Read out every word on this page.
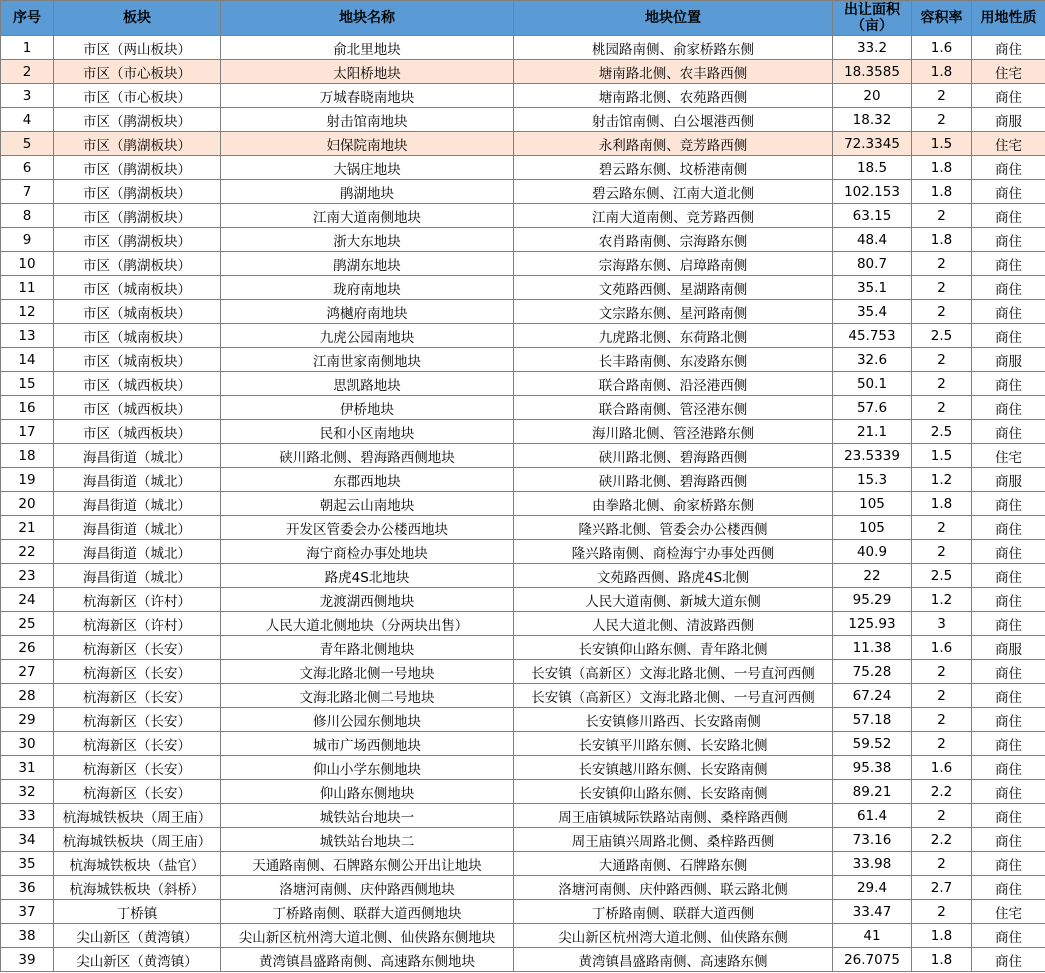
序号	板块	地块名称	地块位置	出让面积（亩）	容积率	用地性质
1	市区（两山板块）	俞北里地块	桃园路南侧、俞家桥路东侧	33.2	1.6	商住
2	市区（市心板块）	太阳桥地块	塘南路北侧、农丰路西侧	18.3585	1.8	住宅
3	市区（市心板块）	万城春晓南地块	塘南路北侧、农苑路西侧	20	2	商住
4	市区（鹃湖板块）	射击馆南地块	射击馆南侧、白公堰港西侧	18.32	2	商服
5	市区（鹃湖板块）	妇保院南地块	永利路南侧、竞芳路西侧	72.3345	1.5	住宅
6	市区（鹃湖板块）	大锅庄地块	碧云路东侧、坟桥港南侧	18.5	1.8	商住
7	市区（鹃湖板块）	鹃湖地块	碧云路东侧、江南大道北侧	102.153	1.8	商住
8	市区（鹃湖板块）	江南大道南侧地块	江南大道南侧、竞芳路西侧	63.15	2	商住
9	市区（鹃湖板块）	浙大东地块	农肖路南侧、宗海路东侧	48.4	1.8	商住
10	市区（鹃湖板块）	鹃湖东地块	宗海路东侧、启璋路南侧	80.7	2	商住
11	市区（城南板块）	珑府南地块	文苑路西侧、星湖路南侧	35.1	2	商住
12	市区（城南板块）	鸿樾府南地块	文宗路东侧、星河路南侧	35.4	2	商住
13	市区（城南板块）	九虎公园南地块	九虎路北侧、东荷路北侧	45.753	2.5	商住
14	市区（城南板块）	江南世家南侧地块	长丰路南侧、东凌路东侧	32.6	2	商服
15	市区（城西板块）	思凯路地块	联合路南侧、沿泾港西侧	50.1	2	商住
16	市区（城西板块）	伊桥地块	联合路南侧、管泾港东侧	57.6	2	商住
17	市区（城西板块）	民和小区南地块	海川路北侧、管泾港路东侧	21.1	2.5	商住
18	海昌街道（城北）	硖川路北侧、碧海路西侧地块	硖川路北侧、碧海路西侧	23.5339	1.5	住宅
19	海昌街道（城北）	东郡西地块	硖川路北侧、碧海路西侧	15.3	1.2	商服
20	海昌街道（城北）	朝起云山南地块	由拳路北侧、俞家桥路东侧	105	1.8	商住
21	海昌街道（城北）	开发区管委会办公楼西地块	隆兴路北侧、管委会办公楼西侧	105	2	商住
22	海昌街道（城北）	海宁商检办事处地块	隆兴路南侧、商检海宁办事处西侧	40.9	2	商住
23	海昌街道（城北）	路虎4S北地块	文苑路西侧、路虎4S北侧	22	2.5	商住
24	杭海新区（许村）	龙渡湖西侧地块	人民大道南侧、新城大道东侧	95.29	1.2	商住
25	杭海新区（许村）	人民大道北侧地块（分两块出售）	人民大道北侧、清波路西侧	125.93	3	商住
26	杭海新区（长安）	青年路北侧地块	长安镇仰山路东侧、青年路北侧	11.38	1.6	商服
27	杭海新区（长安）	文海北路北侧一号地块	长安镇（高新区）文海北路北侧、一号直河西侧	75.28	2	商住
28	杭海新区（长安）	文海北路北侧二号地块	长安镇（高新区）文海北路北侧、一号直河西侧	67.24	2	商住
29	杭海新区（长安）	修川公园东侧地块	长安镇修川路西、长安路南侧	57.18	2	商住
30	杭海新区（长安）	城市广场西侧地块	长安镇平川路东侧、长安路北侧	59.52	2	商住
31	杭海新区（长安）	仰山小学东侧地块	长安镇越川路东侧、长安路南侧	95.38	1.6	商住
32	杭海新区（长安）	仰山路东侧地块	长安镇仰山路东侧、长安路南侧	89.21	2.2	商住
33	杭海城铁板块（周王庙）	城铁站台地块一	周王庙镇城际铁路站南侧、桑梓路西侧	61.4	2	商住
34	杭海城铁板块（周王庙）	城铁站台地块二	周王庙镇兴周路北侧、桑梓路西侧	73.16	2.2	商住
35	杭海城铁板块（盐官）	天通路南侧、石牌路东侧公开出让地块	大通路南侧、石牌路东侧	33.98	2	商住
36	杭海城铁板块（斜桥）	洛塘河南侧、庆仲路西侧地块	洛塘河南侧、庆仲路西侧、联云路北侧	29.4	2.7	商住
37	丁桥镇	丁桥路南侧、联群大道西侧地块	丁桥路南侧、联群大道西侧	33.47	2	住宅
38	尖山新区（黄湾镇）	尖山新区杭州湾大道北侧、仙侠路东侧地块	尖山新区杭州湾大道北侧、仙侠路东侧	41	1.8	商住
39	尖山新区（黄湾镇）	黄湾镇昌盛路南侧、高速路东侧地块	黄湾镇昌盛路南侧、高速路东侧	26.7075	1.8	商住
